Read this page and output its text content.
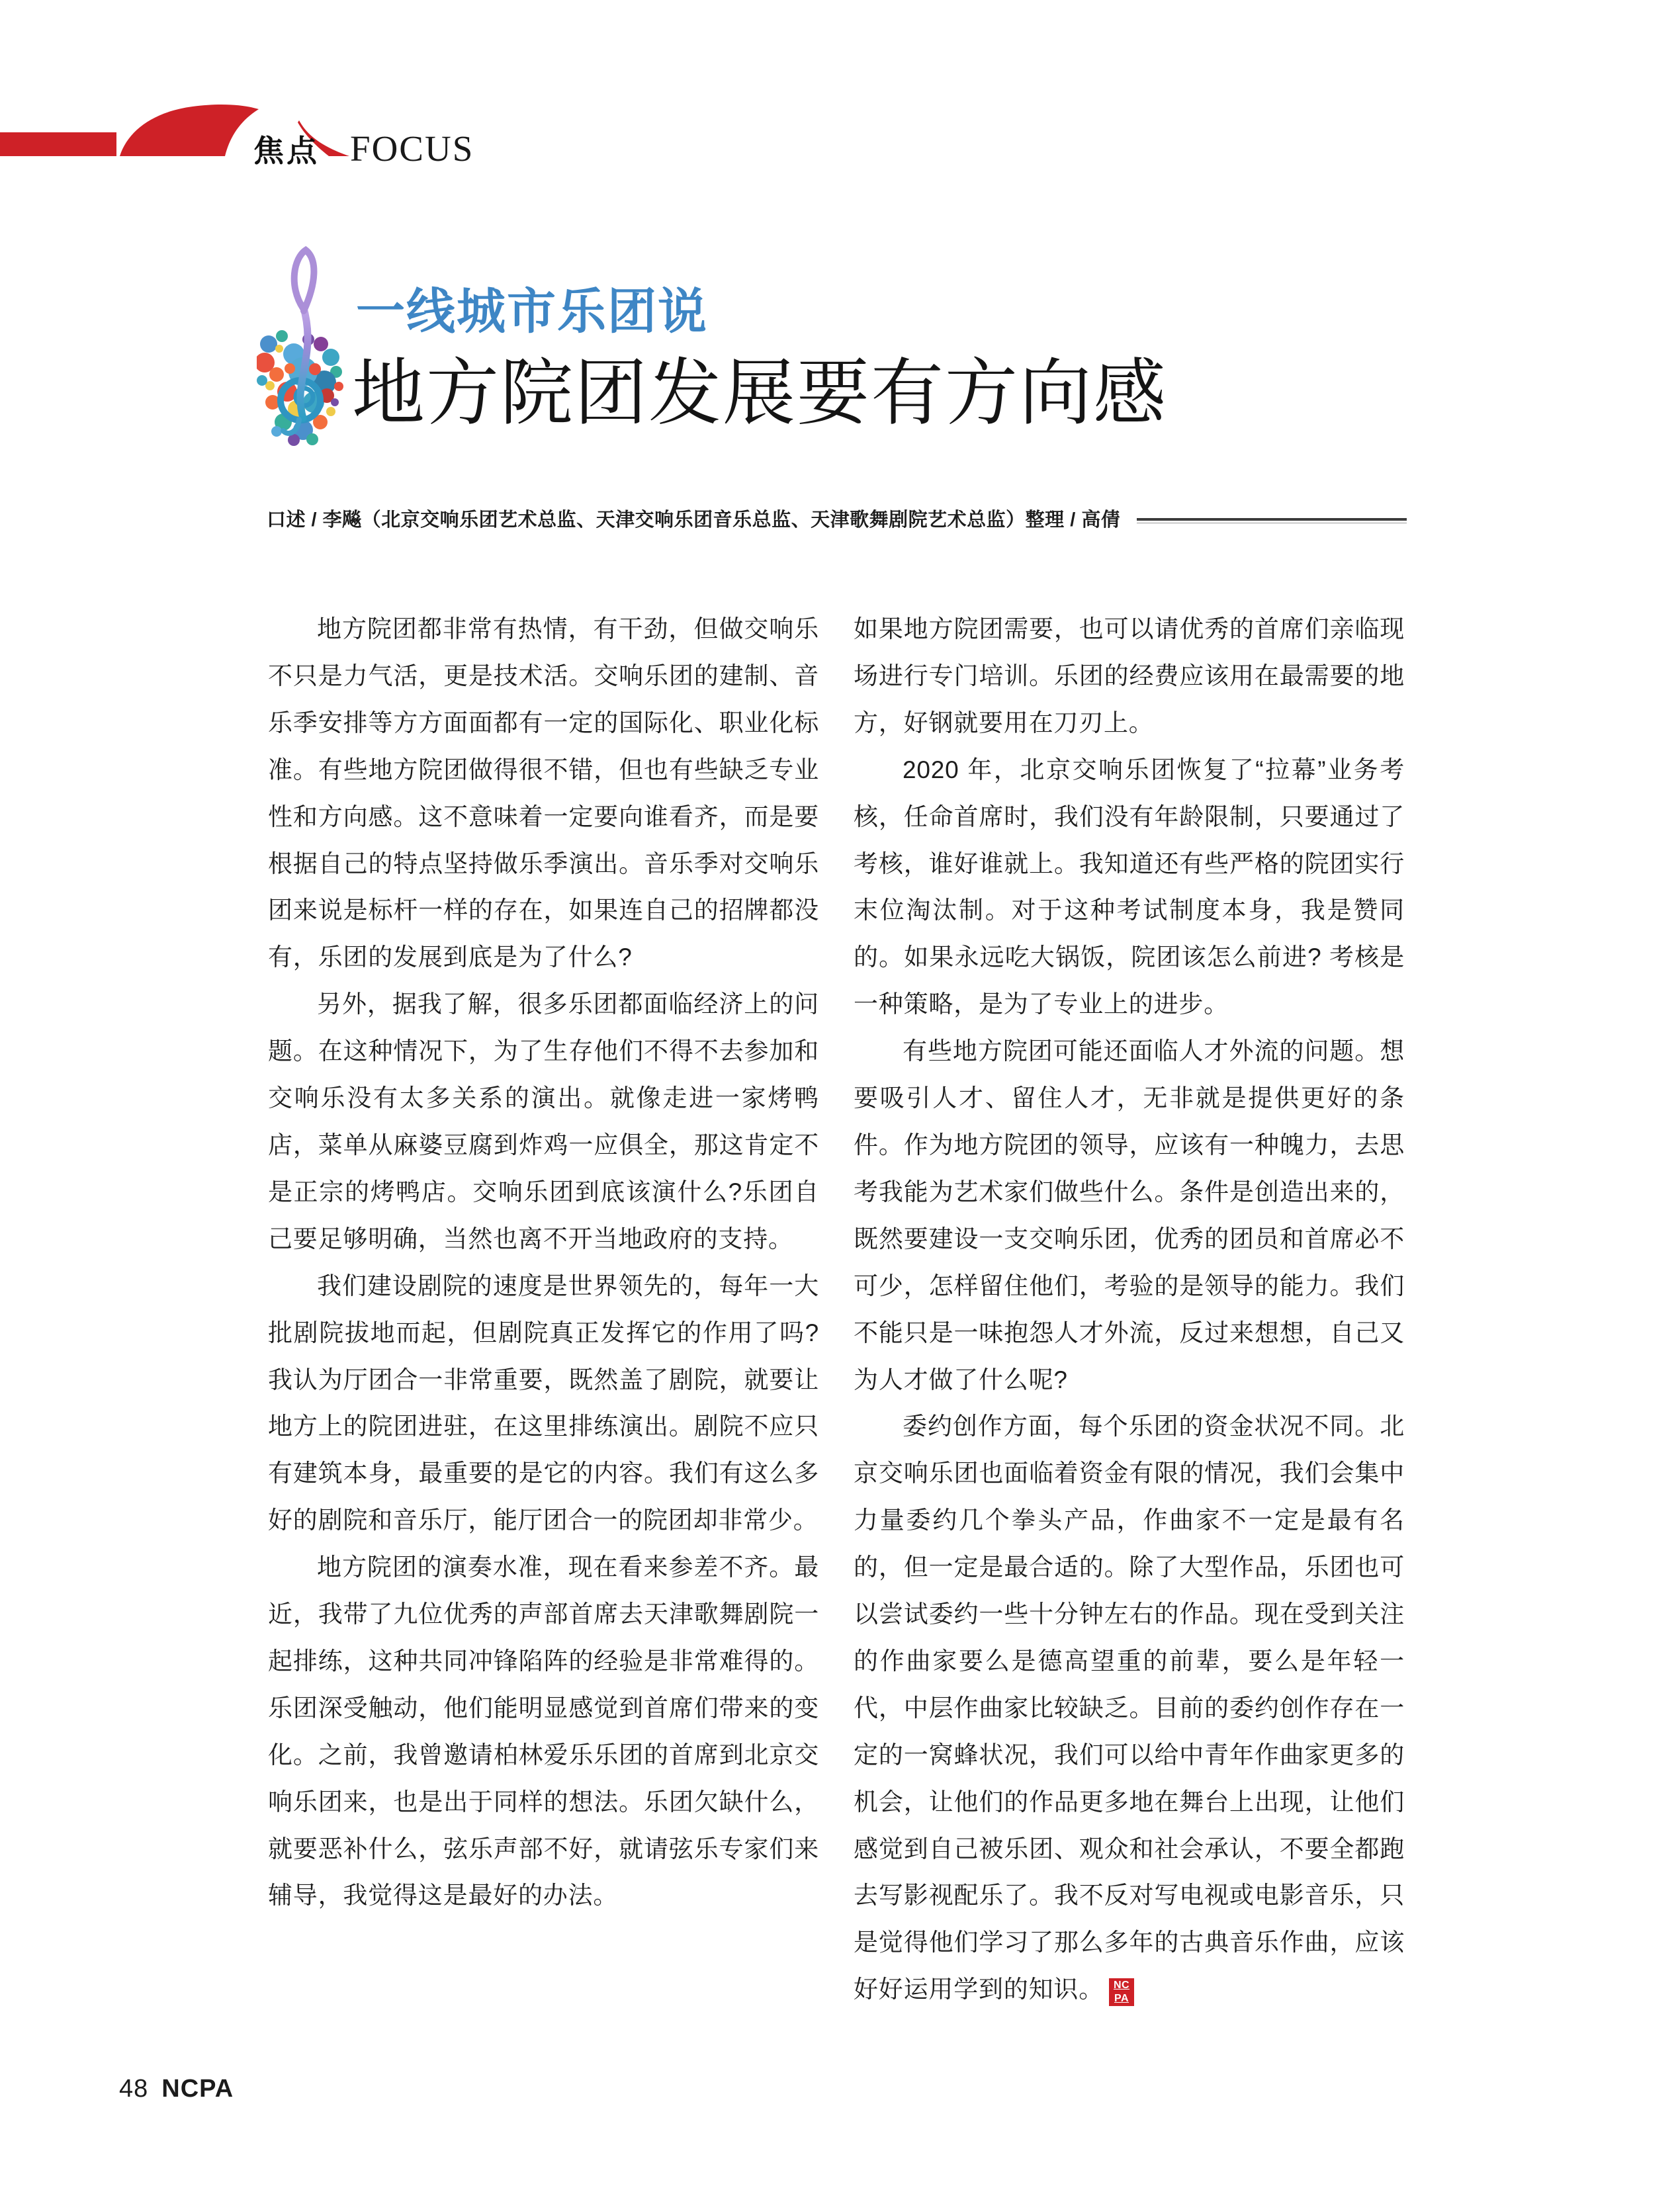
焦点 FOCUS
一线城市乐团说
地方院团发展要有方向感
口述 / 李飚（北京交响乐团艺术总监、天津交响乐团音乐总监、天津歌舞剧院艺术总监）整理 / 高倩

地方院团都非常有热情，有干劲，但做交响乐不只是力气活，更是技术活。交响乐团的建制、音乐季安排等方方面面都有一定的国际化、职业化标准。有些地方院团做得很不错，但也有些缺乏专业性和方向感。这不意味着一定要向谁看齐，而是要根据自己的特点坚持做乐季演出。音乐季对交响乐团来说是标杆一样的存在，如果连自己的招牌都没有，乐团的发展到底是为了什么?

另外，据我了解，很多乐团都面临经济上的问题。在这种情况下，为了生存他们不得不去参加和交响乐没有太多关系的演出。就像走进一家烤鸭店，菜单从麻婆豆腐到炸鸡一应俱全，那这肯定不是正宗的烤鸭店。交响乐团到底该演什么?乐团自己要足够明确，当然也离不开当地政府的支持。

我们建设剧院的速度是世界领先的，每年一大批剧院拔地而起，但剧院真正发挥它的作用了吗? 我认为厅团合一非常重要，既然盖了剧院，就要让地方上的院团进驻，在这里排练演出。剧院不应只有建筑本身，最重要的是它的内容。我们有这么多好的剧院和音乐厅，能厅团合一的院团却非常少。

地方院团的演奏水准，现在看来参差不齐。最近，我带了九位优秀的声部首席去天津歌舞剧院一起排练，这种共同冲锋陷阵的经验是非常难得的。乐团深受触动，他们能明显感觉到首席们带来的变化。之前，我曾邀请柏林爱乐乐团的首席到北京交响乐团来，也是出于同样的想法。乐团欠缺什么，就要恶补什么，弦乐声部不好，就请弦乐专家们来辅导，我觉得这是最好的办法。

如果地方院团需要，也可以请优秀的首席们亲临现场进行专门培训。乐团的经费应该用在最需要的地方，好钢就要用在刀刃上。

2020 年，北京交响乐团恢复了“拉幕”业务考核，任命首席时，我们没有年龄限制，只要通过了考核，谁好谁就上。我知道还有些严格的院团实行末位淘汰制。对于这种考试制度本身，我是赞同的。如果永远吃大锅饭，院团该怎么前进? 考核是一种策略，是为了专业上的进步。

有些地方院团可能还面临人才外流的问题。想要吸引人才、留住人才，无非就是提供更好的条件。作为地方院团的领导，应该有一种魄力，去思考我能为艺术家们做些什么。条件是创造出来的，既然要建设一支交响乐团，优秀的团员和首席必不可少，怎样留住他们，考验的是领导的能力。我们不能只是一味抱怨人才外流，反过来想想，自己又为人才做了什么呢?

委约创作方面，每个乐团的资金状况不同。北京交响乐团也面临着资金有限的情况，我们会集中力量委约几个拳头产品，作曲家不一定是最有名的，但一定是最合适的。除了大型作品，乐团也可以尝试委约一些十分钟左右的作品。现在受到关注的作曲家要么是德高望重的前辈，要么是年轻一代，中层作曲家比较缺乏。目前的委约创作存在一定的一窝蜂状况，我们可以给中青年作曲家更多的机会，让他们的作品更多地在舞台上出现，让他们感觉到自己被乐团、观众和社会承认，不要全都跑去写影视配乐了。我不反对写电视或电影音乐，只是觉得他们学习了那么多年的古典音乐作曲，应该好好运用学到的知识。 $\frac{NC}{PA}$

48 NCPA
